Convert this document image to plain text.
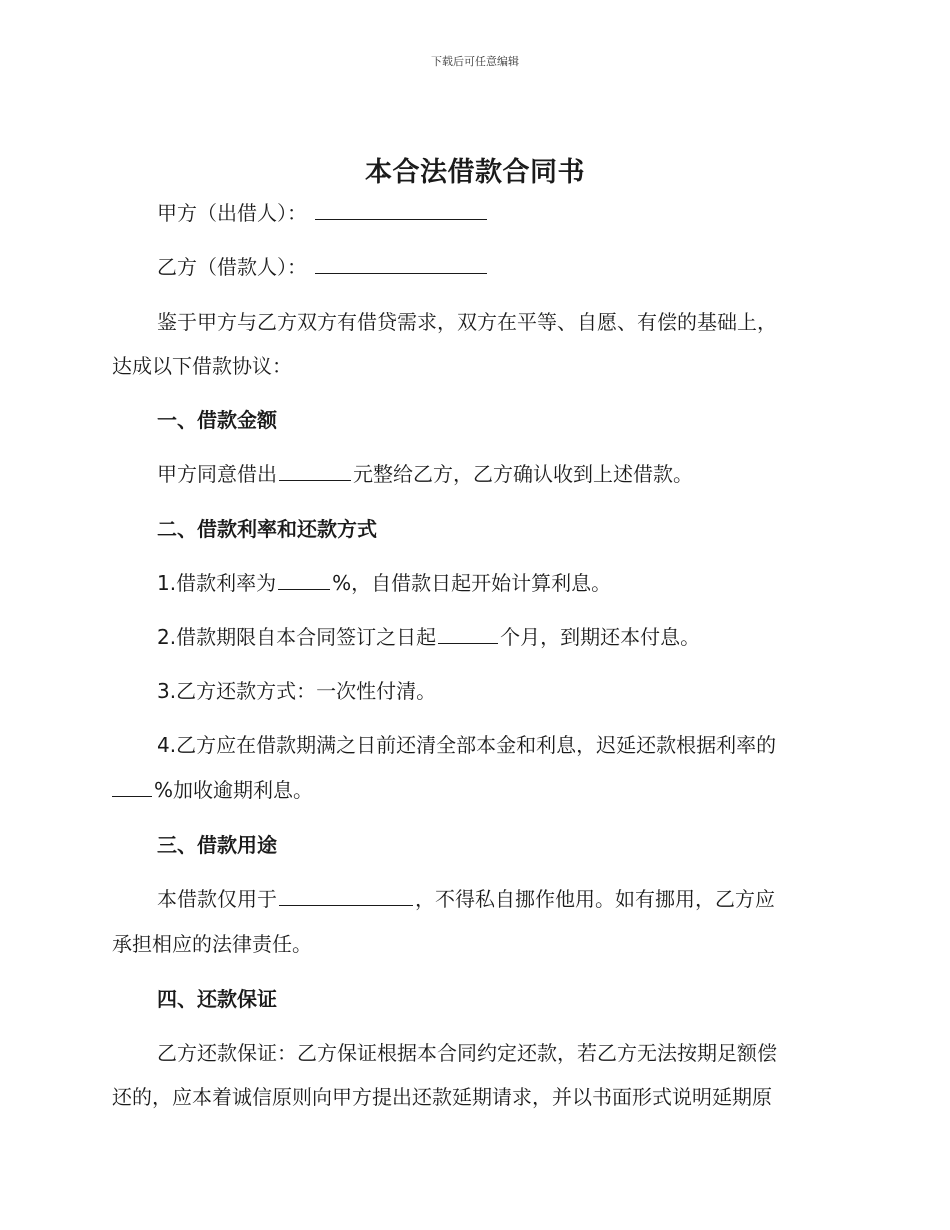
下载后可任意编辑
本合法借款合同书
甲方（出借人）：
乙方（借款人）：
鉴于甲方与乙方双方有借贷需求，双方在平等、自愿、有偿的基础上，
达成以下借款协议：
一、借款金额
甲方同意借出	元整给乙方，乙方确认收到上述借款。
二、借款利率和还款方式
1.借款利率为	%，自借款日起开始计算利息。
2.借款期限自本合同签订之日起	个月，到期还本付息。
3.乙方还款方式：一次性付清。
4.乙方应在借款期满之日前还清全部本金和利息，迟延还款根据利率的
%加收逾期利息。
三、借款用途
本借款仅用于	，不得私自挪作他用。如有挪用，乙方应
承担相应的法律责任。
四、还款保证
乙方还款保证：乙方保证根据本合同约定还款，若乙方无法按期足额偿
还的，应本着诚信原则向甲方提出还款延期请求，并以书面形式说明延期原
